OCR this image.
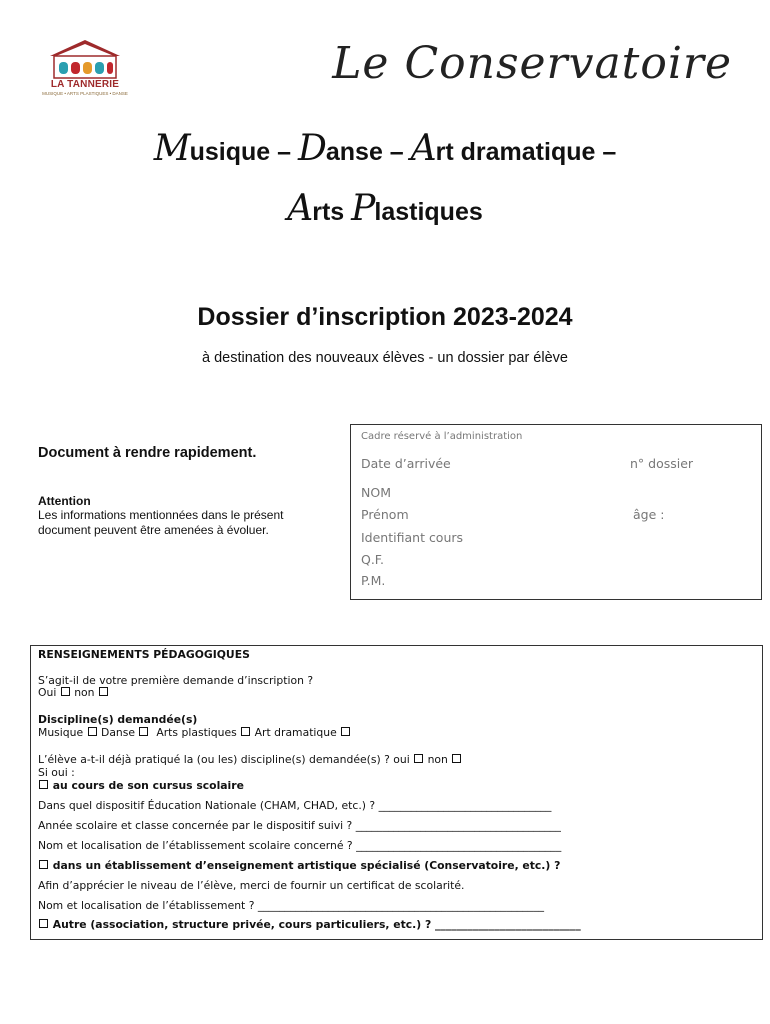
LA TANNERIE
MUSIQUE • ARTS PLASTIQUES • DANSE
Le Conservatoire
Musique – Danse – Art dramatique –
Arts Plastiques
Dossier d’inscription 2023-2024
à destination des nouveaux élèves - un dossier par élève
Document à rendre rapidement.
Attention
Les informations mentionnées dans le présent document peuvent être amenées à évoluer.
Cadre réservé à l’administration
Date d’arrivée	n° dossier
NOM
Prénom	âge :
Identifiant cours
Q.F.
P.M.
RENSEIGNEMENTS PÉDAGOGIQUES
S’agit-il de votre première demande d’inscription ?
Oui non
Discipline(s) demandée(s)
Musique Danse Arts plastiques Art dramatique
L’élève a-t-il déjà pratiqué la (ou les) discipline(s) demandée(s) ? oui non
Si oui :
au cours de son cursus scolaire
Dans quel dispositif Éducation Nationale (CHAM, CHAD, etc.) ? ________________________________
Année scolaire et classe concernée par le dispositif suivi ? ______________________________________
Nom et localisation de l’établissement scolaire concerné ? ______________________________________
dans un établissement d’enseignement artistique spécialisé (Conservatoire, etc.) ?
Afin d’apprécier le niveau de l’élève, merci de fournir un certificat de scolarité.
Nom et localisation de l’établissement ? _____________________________________________________
Autre (association, structure privée, cours particuliers, etc.) ? ___________________________
